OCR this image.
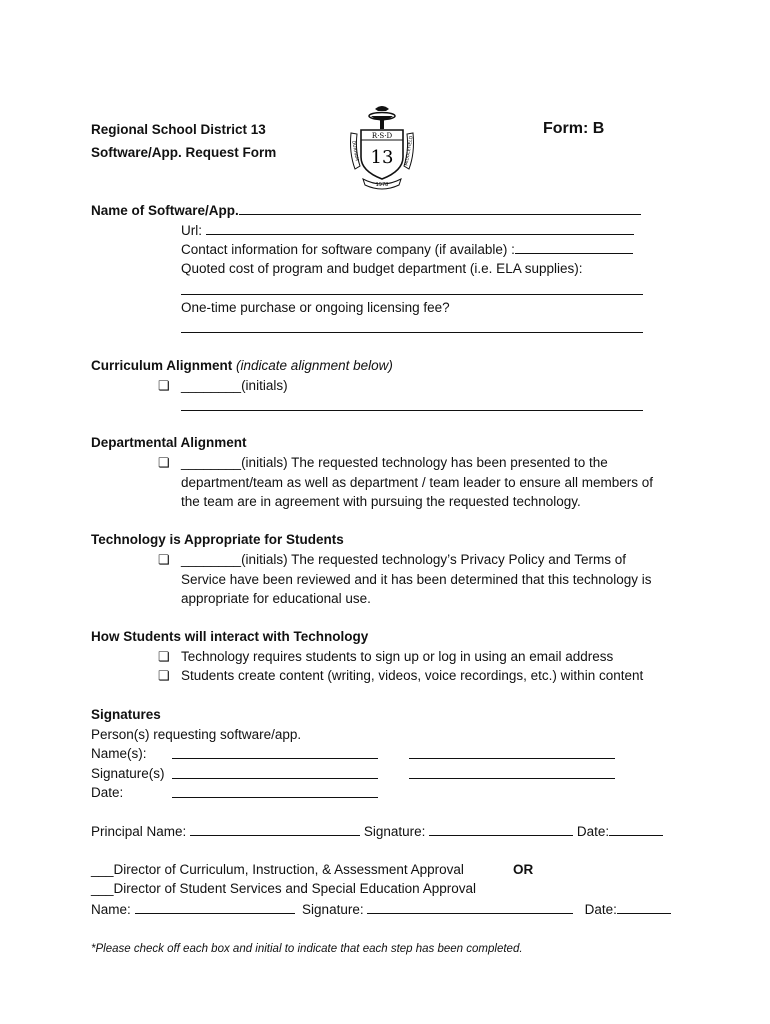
Regional School District 13
Software/App. Request Form
Form: B
R·S·D
13
DURHAM	MIDDLEFIELD
1978
Name of Software/App.
Url:
Contact information for software company (if available) :
Quoted cost of program and budget department (i.e. ELA supplies):
One-time purchase or ongoing licensing fee?
Curriculum Alignment (indicate alignment below)
❏ ________(initials)
Departmental Alignment
❏ ________(initials) The requested technology has been presented to the
department/team as well as department / team leader to ensure all members of
the team are in agreement with pursuing the requested technology.
Technology is Appropriate for Students
❏ ________(initials) The requested technology’s Privacy Policy and Terms of
Service have been reviewed and it has been determined that this technology is
appropriate for educational use.
How Students will interact with Technology
❏ Technology requires students to sign up or log in using an email address
❏ Students create content (writing, videos, voice recordings, etc.) within content
Signatures
Person(s) requesting software/app.
Name(s):
Signature(s)
Date:
Principal Name:	Signature:	Date:
___Director of Curriculum, Instruction, & Assessment Approval	OR
___Director of Student Services and Special Education Approval
Name:	Signature:	Date:
*Please check off each box and initial to indicate that each step has been completed.
